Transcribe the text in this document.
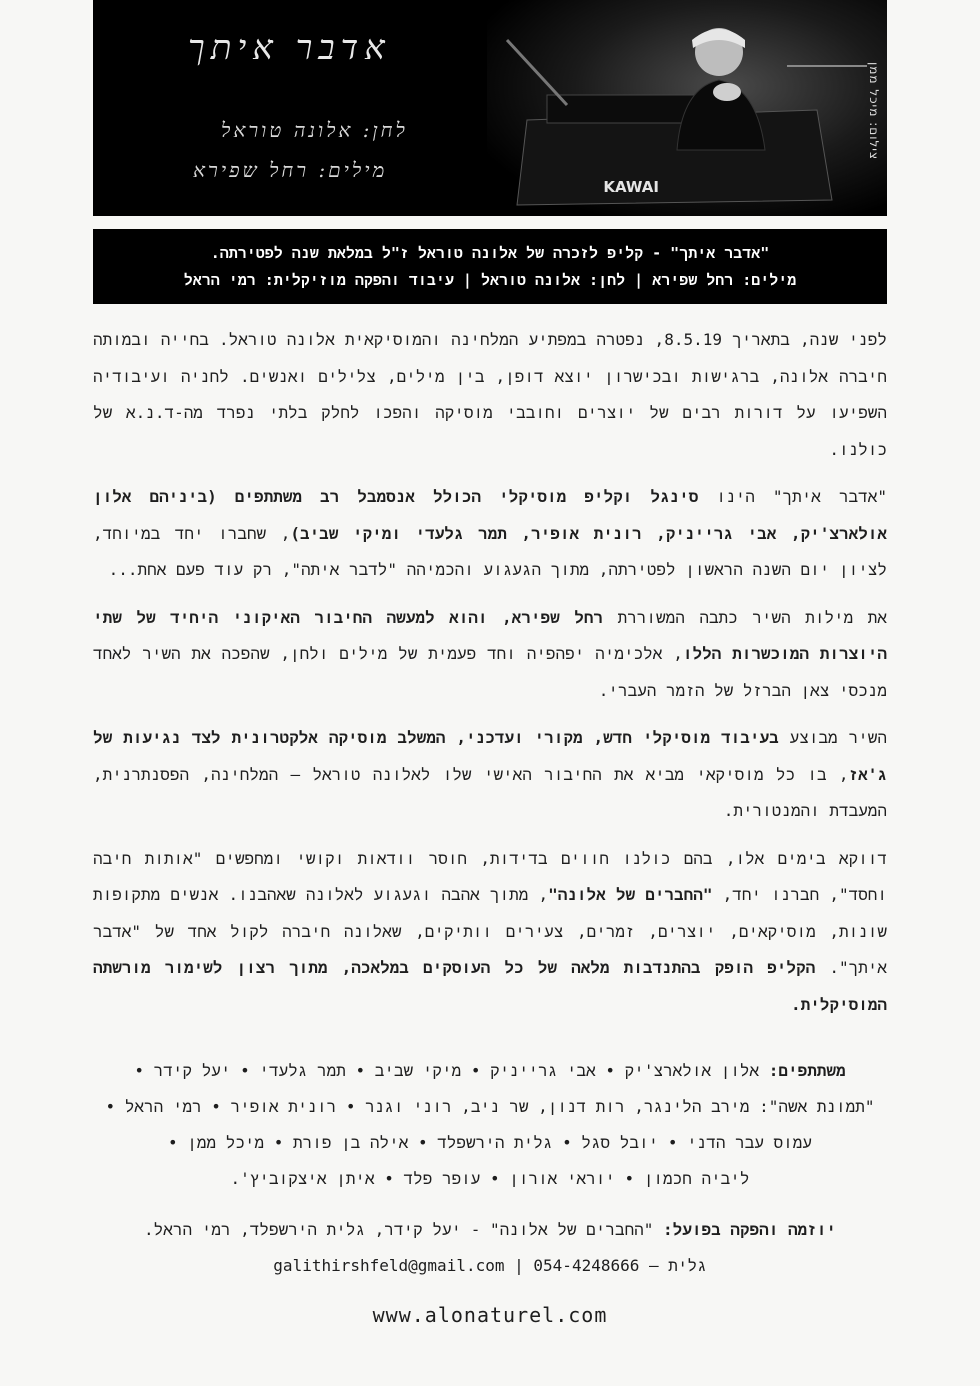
KAWAI
אדבר איתך
לחן: אלונה טוראל
מילים: רחל שפירא
צילום: מיכל ממן
"אדבר איתך" - קליפ לזכרה של אלונה טוראל ז"ל במלאת שנה לפטירתה.
מילים: רחל שפירא | לחן: אלונה טוראל | עיבוד והפקה מוזיקלית: רמי הראל

לפני שנה, בתאריך 8.5.19, נפטרה במפתיע המלחינה והמוסיקאית אלונה טוראל. בחייה ובמותה חיברה אלונה, ברגישות ובכישרון יוצא דופן, בין מילים, צלילים ואנשים. לחניה ועיבודיה השפיעו על דורות רבים של יוצרים וחובבי מוסיקה והפכו לחלק בלתי נפרד מה-ד.נ.א של כולנו.

"אדבר איתך" הינו סינגל וקליפ מוסיקלי הכולל אנסמבל רב משתתפים (ביניהם אלון אולארצ'יק, אבי גרייניק, רונית אופיר, תמר גלעדי ומיקי שביב), שחברו יחד במיוחד, לציון יום השנה הראשון לפטירתה, מתוך הגעגוע והכמיהה "לדבר איתה", רק עוד פעם אחת...

את מילות השיר כתבה המשוררת רחל שפירא, והוא למעשה החיבור האיקוני היחיד של שתי היוצרות המוכשרות הללו, אלכימיה יפהפיה וחד פעמית של מילים ולחן, שהפכה את השיר לאחד מנכסי צאן הברזל של הזמר העברי.

השיר מבוצע בעיבוד מוסיקלי חדש, מקורי ועדכני, המשלב מוסיקה אלקטרונית לצד נגיעות של ג'אז, בו כל מוסיקאי מביא את החיבור האישי שלו לאלונה טוראל – המלחינה, הפסנתרנית, המעבדת והמנטורית.

דווקא בימים אלו, בהם כולנו חווים בדידות, חוסר וודאות וקושי ומחפשים "אותות חיבה וחסד", חברנו יחד, "החברים של אלונה", מתוך אהבה וגעגוע לאלונה שאהבנו. אנשים מתקופות שונות, מוסיקאים, יוצרים, זמרים, צעירים וותיקים, שאלונה חיברה לקול אחד של "אדבר איתך". הקליפ הופק בהתנדבות מלאה של כל העוסקים במלאכה, מתוך רצון לשימור מורשתה המוסיקלית.

משתתפים: אלון אולארצ'יק • אבי גרייניק • מיקי שביב • תמר גלעדי • יעל קידר •

"תמונת אשה": מירב הלינגר, רות דנון, שר ניב, רוני וגנר • רונית אופיר • רמי הראל •

עמוס עבר הדני • יובל סגל • גלית הירשפלד • אילה בן פורת • מיכל ממן •

ליביה חכמון • יוראי אורון • עופר פלד • איתן איצקוביץ'.

יוזמה והפקה בפועל: "החברים של אלונה" - יעל קידר, גלית הירשפלד, רמי הראל.

גלית – 054-4248666 | galithirshfeld@gmail.com

www.alonaturel.com
